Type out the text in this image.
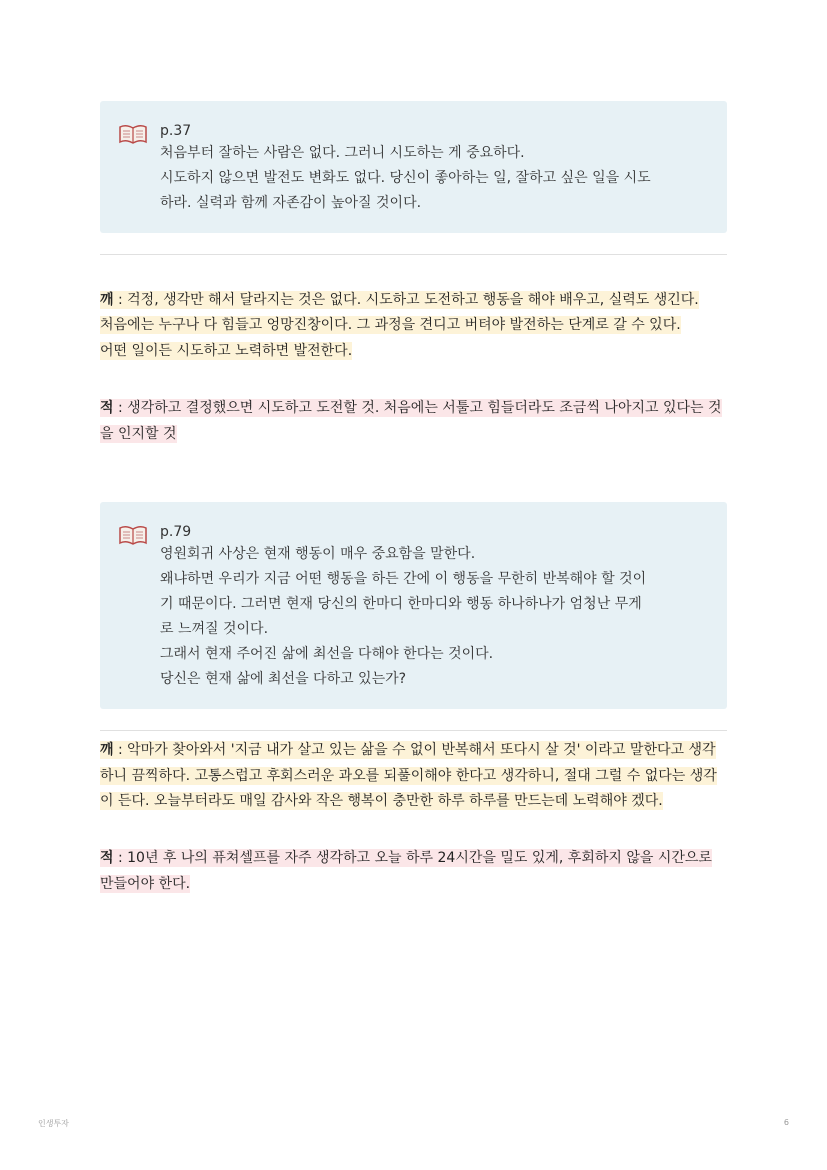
p.37
처음부터 잘하는 사람은 없다. 그러니 시도하는 게 중요하다.
시도하지 않으면 발전도 변화도 없다. 당신이 좋아하는 일, 잘하고 싶은 일을 시도
하라. 실력과 함께 자존감이 높아질 것이다.

깨 : 걱정, 생각만 해서 달라지는 것은 없다. 시도하고 도전하고 행동을 해야 배우고, 실력도 생긴다.
처음에는 누구나 다 힘들고 엉망진창이다. 그 과정을 견디고 버텨야 발전하는 단계로 갈 수 있다.
어떤 일이든 시도하고 노력하면 발전한다.

적 : 생각하고 결정했으면 시도하고 도전할 것. 처음에는 서툴고 힘들더라도 조금씩 나아지고 있다는 것을 인지할 것
p.79
영원회귀 사상은 현재 행동이 매우 중요함을 말한다.
왜냐하면 우리가 지금 어떤 행동을 하든 간에 이 행동을 무한히 반복해야 할 것이
기 때문이다. 그러면 현재 당신의 한마디 한마디와 행동 하나하나가 엄청난 무게
로 느껴질 것이다.
그래서 현재 주어진 삶에 최선을 다해야 한다는 것이다.
당신은 현재 삶에 최선을 다하고 있는가?
깨 : 악마가 찾아와서 '지금 내가 살고 있는 삶을 수 없이 반복해서 또다시 살 것' 이라고 말한다고 생각하니 끔찍하다. 고통스럽고 후회스러운 과오를 되풀이해야 한다고 생각하니, 절대 그럴 수 없다는 생각이 든다. 오늘부터라도 매일 감사와 작은 행복이 충만한 하루 하루를 만드는데 노력해야 겠다.
적 : 10년 후 나의 퓨쳐셀프를 자주 생각하고 오늘 하루 24시간을 밀도 있게, 후회하지 않을 시간으로 만들어야 한다.
인생투자	6
